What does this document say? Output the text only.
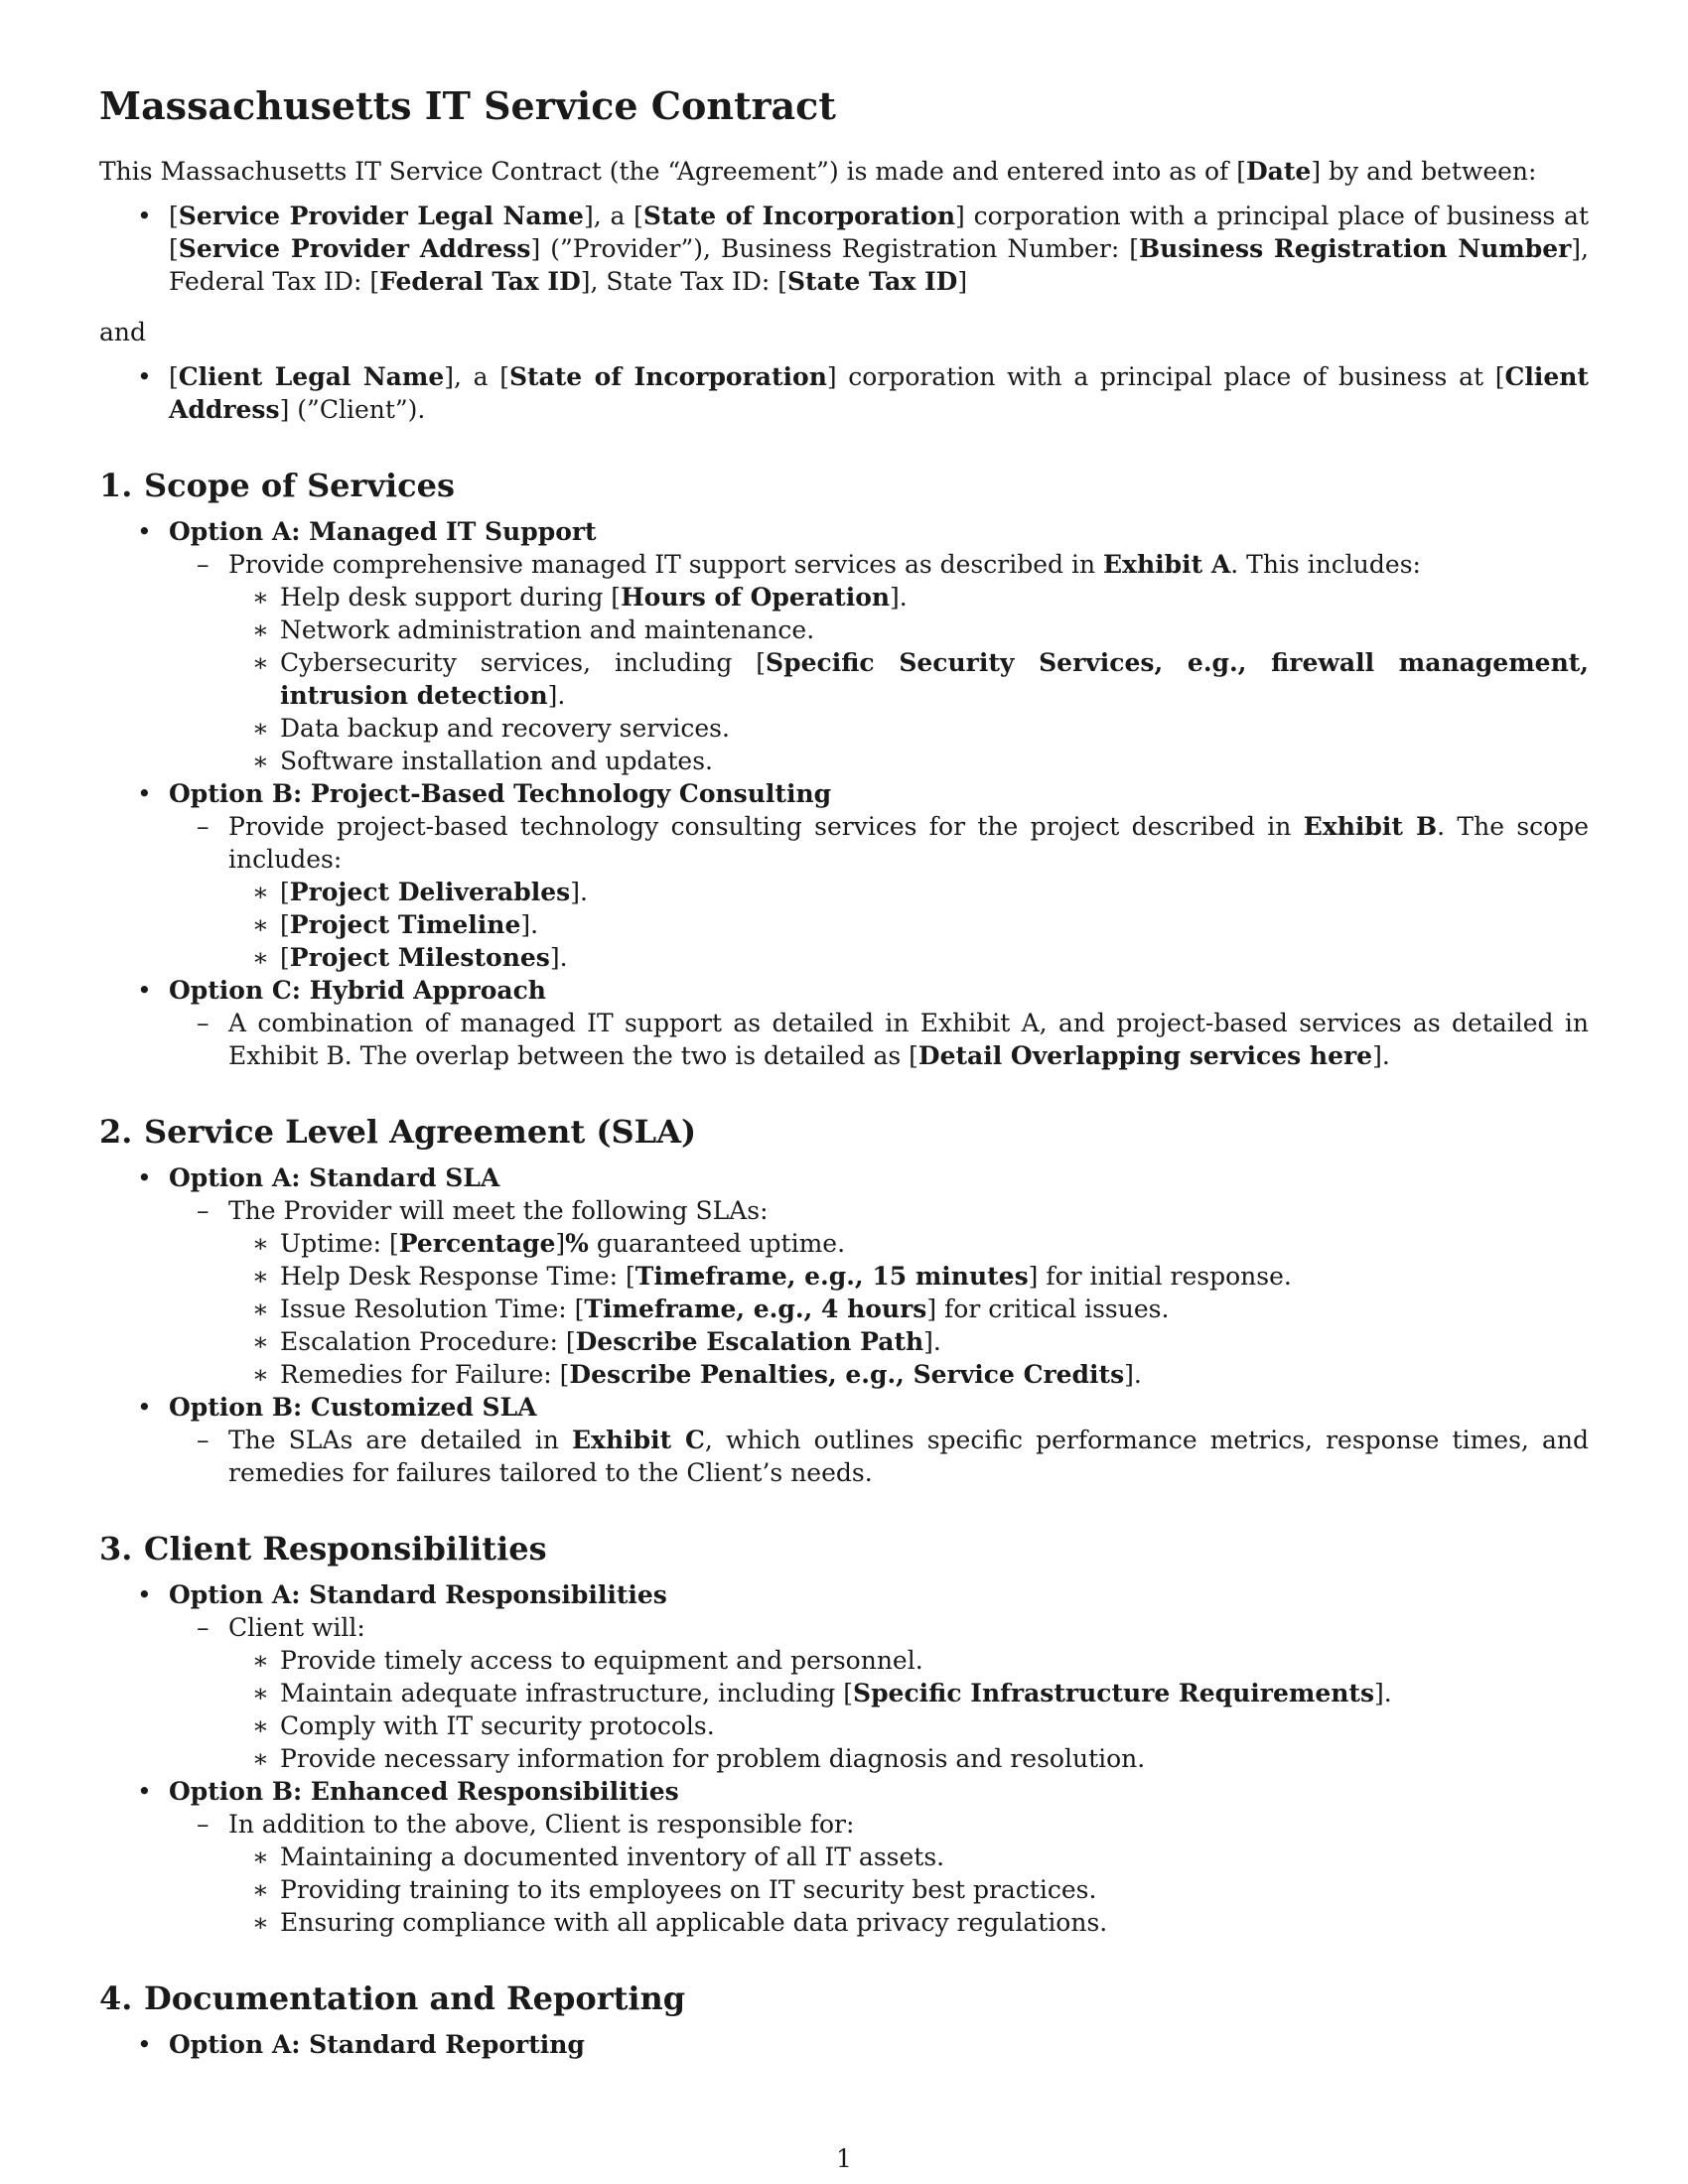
Massachusetts IT Service Contract

This Massachusetts IT Service Contract (the “Agreement”) is made and entered into as of [Date] by and between:

• [Service Provider Legal Name], a [State of Incorporation] corporation with a principal place of business at [Service Provider Address] (”Provider”), Business Registration Number: [Business Registration Number], Federal Tax ID: [Federal Tax ID], State Tax ID: [State Tax ID]

and

• [Client Legal Name], a [State of Incorporation] corporation with a principal place of business at [Client Address] (”Client”).
1. Scope of Services
• Option A: Managed IT Support
– Provide comprehensive managed IT support services as described in Exhibit A. This includes:
∗ Help desk support during [Hours of Operation].
∗ Network administration and maintenance.
∗ Cybersecurity services, including [Specific Security Services, e.g., firewall management, intrusion detection].
∗ Data backup and recovery services.
∗ Software installation and updates.
• Option B: Project-Based Technology Consulting
– Provide project-based technology consulting services for the project described in Exhibit B. The scope includes:
∗ [Project Deliverables].
∗ [Project Timeline].
∗ [Project Milestones].
• Option C: Hybrid Approach
– A combination of managed IT support as detailed in Exhibit A, and project-based services as detailed in Exhibit B. The overlap between the two is detailed as [Detail Overlapping services here].
2. Service Level Agreement (SLA)
• Option A: Standard SLA
– The Provider will meet the following SLAs:
∗ Uptime: [Percentage]% guaranteed uptime.
∗ Help Desk Response Time: [Timeframe, e.g., 15 minutes] for initial response.
∗ Issue Resolution Time: [Timeframe, e.g., 4 hours] for critical issues.
∗ Escalation Procedure: [Describe Escalation Path].
∗ Remedies for Failure: [Describe Penalties, e.g., Service Credits].
• Option B: Customized SLA
– The SLAs are detailed in Exhibit C, which outlines specific performance metrics, response times, and remedies for failures tailored to the Client’s needs.
3. Client Responsibilities
• Option A: Standard Responsibilities
– Client will:
∗ Provide timely access to equipment and personnel.
∗ Maintain adequate infrastructure, including [Specific Infrastructure Requirements].
∗ Comply with IT security protocols.
∗ Provide necessary information for problem diagnosis and resolution.
• Option B: Enhanced Responsibilities
– In addition to the above, Client is responsible for:
∗ Maintaining a documented inventory of all IT assets.
∗ Providing training to its employees on IT security best practices.
∗ Ensuring compliance with all applicable data privacy regulations.
4. Documentation and Reporting
• Option A: Standard Reporting
1
